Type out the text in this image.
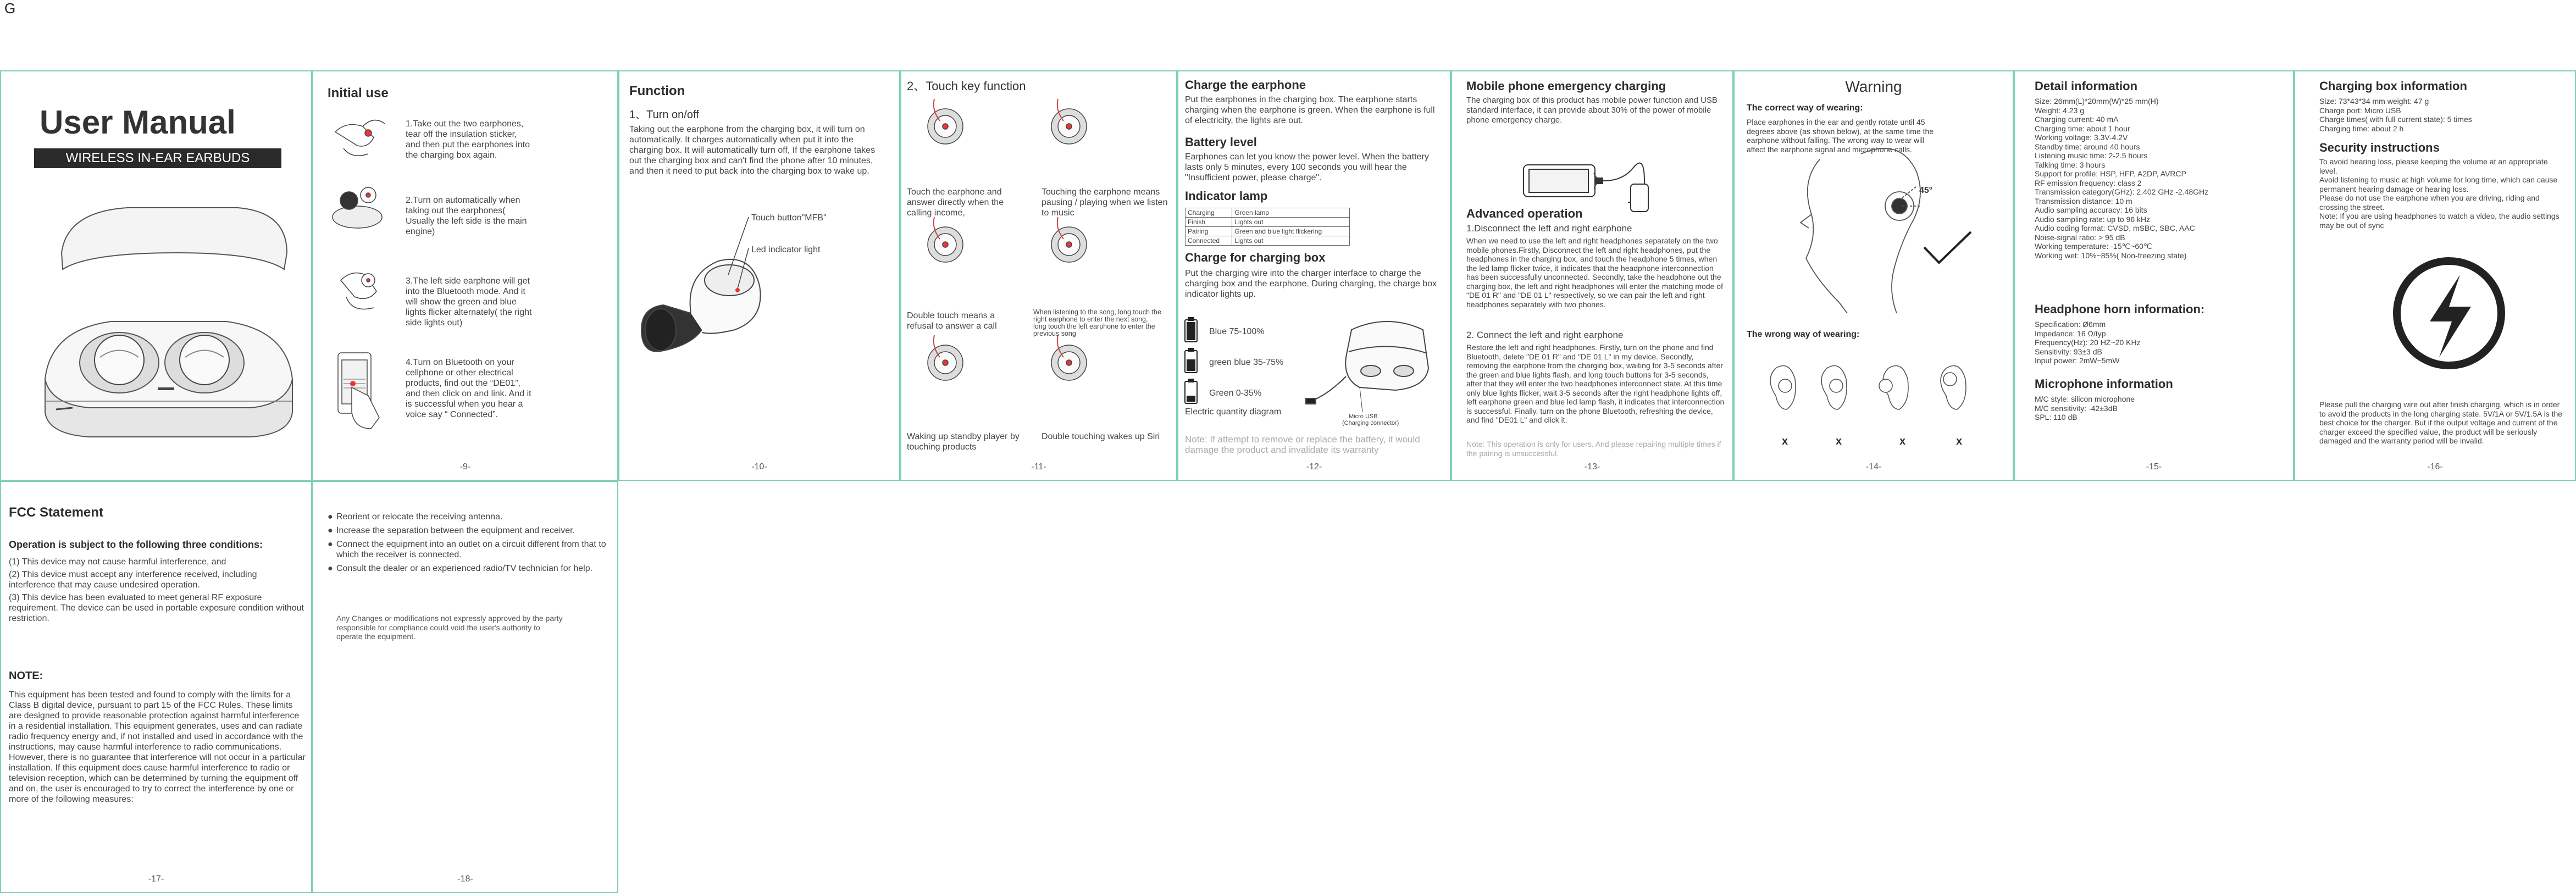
G
User Manual
WIRELESS IN-EAR EARBUDS
Initial use
1.Take out the two earphones, tear off the insulation sticker, and then put the earphones into the charging box again.
2.Turn on automatically when taking out the earphones( Usually the left side is the main engine)
3.The left side earphone will get into the Bluetooth mode. And it will show the green and blue lights flicker alternately( the right side lights out)
4.Turn on Bluetooth on your cellphone or other electrical products, find out the “DE01”, and then click on and link. And it is successful when you hear a voice say “ Connected”.
-9-
Function
1、Turn on/off
Taking out the earphone from the charging box, it will turn on automatically. It charges automatically when put it into the charging box. It will automatically turn off, If the earphone takes out the charging box and can't find the phone after 10 minutes, and then it need to put back into the charging box to wake up.
Touch button"MFB"
Led indicator light
-10-
2、Touch key function
Touch the earphone and answer directly when the calling income,
Touching the earphone means pausing / playing when we listen to music
Double touch means a refusal to answer a call
When listening to the song, long touch the right earphone to enter the next song, long touch the left earphone to enter the previous song
Waking up standby player by touching products
Double touching wakes up Siri
-11-
Charge the earphone
Put the earphones in the charging box. The earphone starts charging when the earphone is green. When the earphone is full of electricity, the lights are out.
Battery level
Earphones can let you know the power level. When the battery lasts only 5 minutes, every 100 seconds you will hear the "Insufficient power, please charge".
Indicator lamp
Charging	Green lamp
Finish	Lights out
Pairing	Green and blue light flickering
Connected	Lights out
Charge for charging box
Put the charging wire into the charger interface to charge the charging box and the earphone. During charging, the charge box indicator lights up.
Blue 75-100%
green blue 35-75%
Green 0-35%
Electric quantity diagram	Micro USB
(Charging connector)
Note: If attempt to remove or replace the battery, it would damage the product and invalidate its warranty
-12-
Mobile phone emergency charging
The charging box of this product has mobile power function and USB standard interface, it can provide about 30% of the power of mobile phone emergency charge.
Advanced operation
1.Disconnect the left and right earphone
When we need to use the left and right headphones separately on the two mobile phones.Firstly, Disconnect the left and right headphones, put the headphones in the charging box, and touch the headphone 5 times, when the led lamp flicker twice, it indicates that the headphone interconnection has been successfully unconnected. Secondly, take the headphone out the charging box, the left and right headphones will enter the matching mode of "DE 01 R" and "DE 01 L" respectively, so we can pair the left and right headphones separately with two phones.
2. Connect the left and right earphone
Restore the left and right headphones. Firstly, turn on the phone and find Bluetooth, delete "DE 01 R" and "DE 01 L" in my device. Secondly, removing the earphone from the charging box, waiting for 3-5 seconds after the green and blue lights flash, and long touch buttons for 3-5 seconds, after that they will enter the two headphones interconnect state. At this time only blue lights flicker, wait 3-5 seconds after the right headphone lights off, left earphone green and blue led lamp flash, it indicates that interconnection is successful. Finally, turn on the phone Bluetooth, refreshing the device, and find "DE01 L" and click it.
Note: This operation is only for users. And please repairing multiple times if the pairing is unsuccessful.
-13-
Warning
The correct way of wearing:
Place earphones in the ear and gently rotate until 45 degrees above (as shown below), at the same time the earphone without falling. The wrong way to wear will affect the earphone signal and microphone calls.
45°
The wrong way of wearing:
x	x	x	x
-14-
Detail information
Size: 26mm(L)*20mm(W)*25 mm(H)
Weight: 4.23 g
Charging current: 40 mA
Charging time: about 1 hour
Working voltage: 3.3V-4.2V
Standby time: around 40 hours
Listening music time: 2-2.5 hours
Talking time: 3 hours
Support for profile: HSP, HFP, A2DP, AVRCP
RF emission frequency: class 2
Transmission category(GHz): 2.402 GHz -2.48GHz
Transmission distance: 10 m
Audio sampling accuracy: 16 bits
Audio sampling rate: up to 96 kHz
Audio coding format: CVSD, mSBC, SBC, AAC
Noise-signal ratio: > 95 dB
Working temperature: -15℃~60℃
Working wet: 10%~85%( Non-freezing state)
Headphone horn information:
Specification: Ø6mm
Impedance: 16 Ω/typ
Frequency(Hz): 20 HZ~20 KHz
Sensitivity: 93±3 dB
Input power: 2mW~5mW
Microphone information
M/C style: silicon microphone
M/C sensitivity: -42±3dB
SPL: 110 dB
-15-
Charging box information
Size: 73*43*34 mm weight: 47 g
Charge port: Micro USB
Charge times( with full current state): 5 times
Charging time: about 2 h
Security instructions
To avoid hearing loss, please keeping the volume at an appropriate level.
Avoid listening to music at high volume for long time, which can cause permanent hearing damage or hearing loss.
Please do not use the earphone when you are driving, riding and crossing the street.
Note: If you are using headphones to watch a video, the audio settings may be out of sync
Please pull the charging wire out after finish charging, which is in order to avoid the products in the long charging state. 5V/1A or 5V/1.5A is the best choice for the charger. But if the output voltage and current of the charger exceed the specified value, the product will be seriously damaged and the warranty period will be invalid.
-16-
FCC Statement
Operation is subject to the following three conditions:
(1) This device may not cause harmful interference, and
(2) This device must accept any interference received, including interference that may cause undesired operation.
(3) This device has been evaluated to meet general RF exposure requirement. The device can be used in portable exposure condition without restriction.
NOTE:
This equipment has been tested and found to comply with the limits for a Class B digital device, pursuant to part 15 of the FCC Rules. These limits are designed to provide reasonable protection against harmful interference in a residential installation. This equipment generates, uses and can radiate radio frequency energy and, if not installed and used in accordance with the instructions, may cause harmful interference to radio communications. However, there is no guarantee that interference will not occur in a particular installation. If this equipment does cause harmful interference to radio or television reception, which can be determined by turning the equipment off and on, the user is encouraged to try to correct the interference by one or more of the following measures:
-17-
● Reorient or relocate the receiving antenna.
● Increase the separation between the equipment and receiver.
● Connect the equipment into an outlet on a circuit different from that to which the receiver is connected.
● Consult the dealer or an experienced radio/TV technician for help.
Any Changes or modifications not expressly approved by the party responsible for compliance could void the user's authority to operate the equipment.
-18-
